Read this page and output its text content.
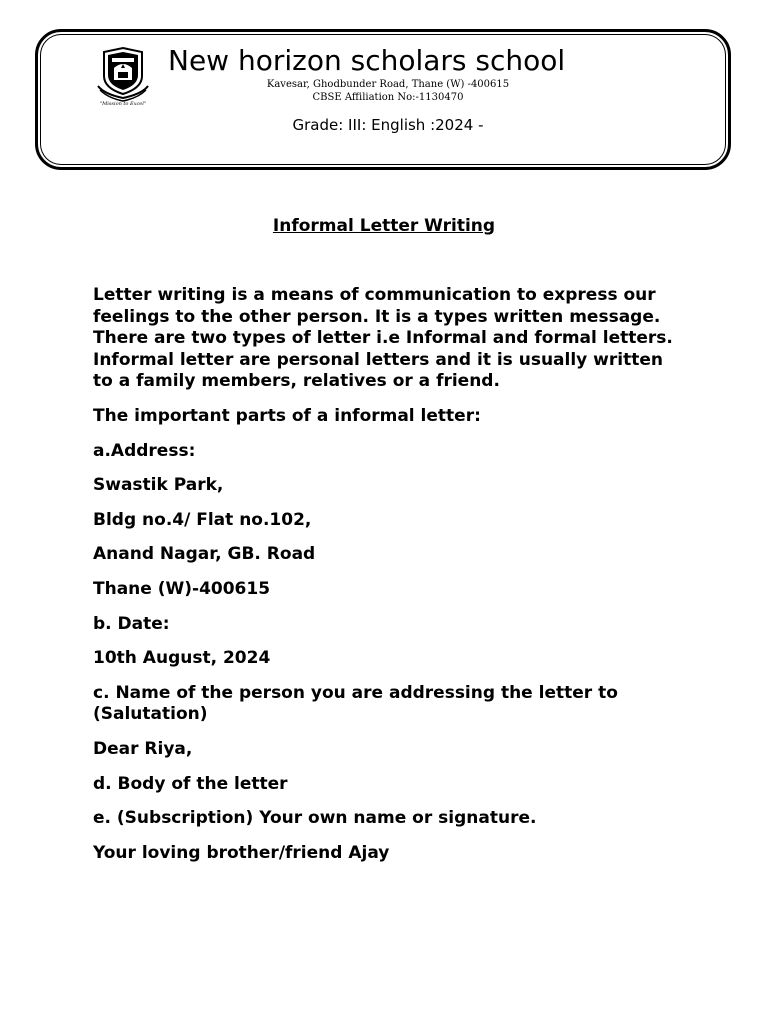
"Mission to Excel"
New horizon scholars school
Kavesar, Ghodbunder Road, Thane (W) -400615
CBSE Affiliation No:-1130470
Grade: III: English :2024 -
Informal Letter Writing

Letter writing is a means of communication to express our feelings to the other person. It is a types written message. There are two types of letter i.e Informal and formal letters. Informal letter are personal letters and it is usually written to a family members, relatives or a friend.

The important parts of a informal letter:

a.Address:

Swastik Park,

Bldg no.4/ Flat no.102,

Anand Nagar, GB. Road

Thane (W)-400615

b. Date:

10th August, 2024

c. Name of the person you are addressing the letter to (Salutation)

Dear Riya,

d. Body of the letter

e. (Subscription) Your own name or signature.

Your loving brother/friend Ajay
